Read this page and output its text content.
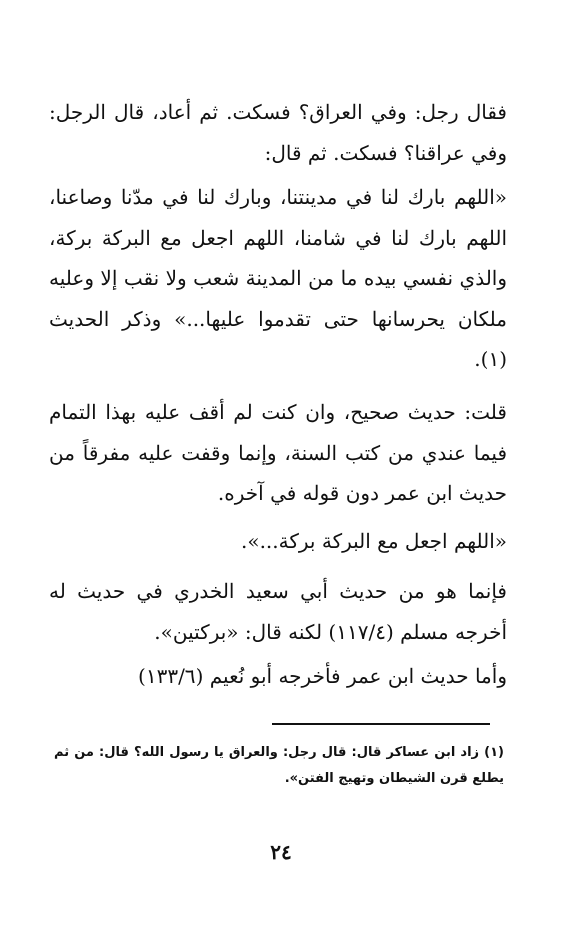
فقال رجل: وفي العراق؟ فسكت. ثم أعاد، قال الرجل: وفي عراقنا؟ فسكت. ثم قال:

«اللهم بارك لنا في مدينتنا، وبارك لنا في مدّنا وصاعنا، اللهم بارك لنا في شامنا، اللهم اجعل مع البركة بركة، والذي نفسي بيده ما من المدينة شعب ولا نقب إلا وعليه ملكان يحرسانها حتى تقدموا عليها...» وذكر الحديث (١).

قلت: حديث صحيح، وان كنت لم أقف عليه بهذا التمام فيما عندي من كتب السنة، وإنما وقفت عليه مفرقاً من حديث ابن عمر دون قوله في آخره.

«اللهم اجعل مع البركة بركة...».

فإنما هو من حديث أبي سعيد الخدري في حديث له أخرجه مسلم (١١٧/٤) لكنه قال: «بركتين».

وأما حديث ابن عمر فأخرجه أبو نُعيم (١٣٣/٦)

(١) زاد ابن عساكر قال: قال رجل: والعراق يا رسول الله؟ قال: من ثم يطلع قرن الشيطان وتهيج الفتن».

٢٤
